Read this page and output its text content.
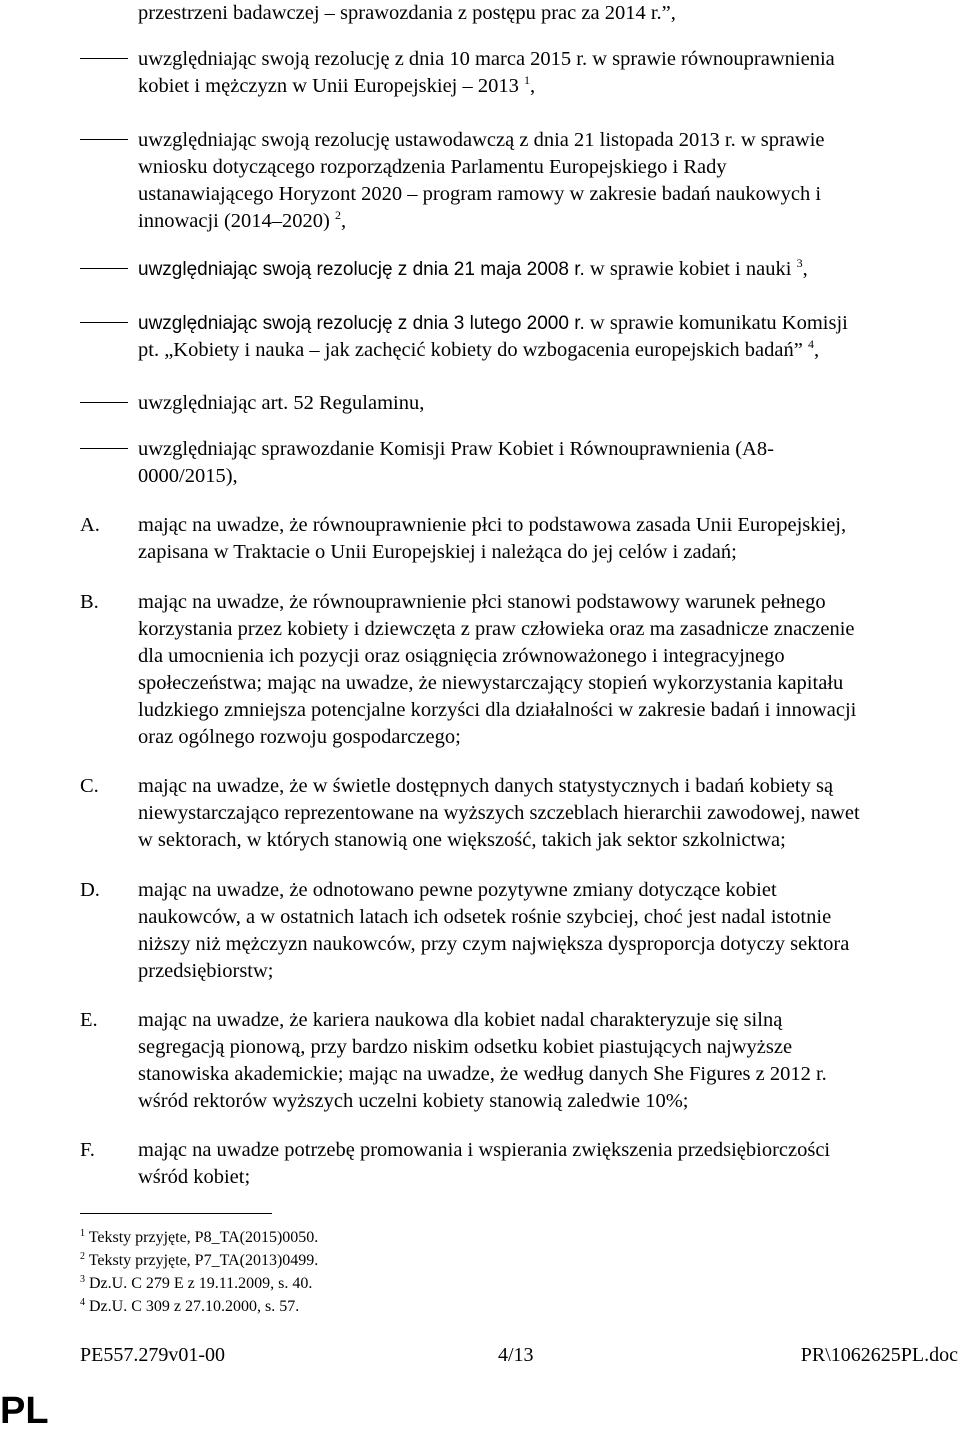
przestrzeni badawczej – sprawozdania z postępu prac za 2014 r.”,
uwzględniając swoją rezolucję z dnia 10 marca 2015 r. w sprawie równouprawnienia
kobiet i mężczyzn w Unii Europejskiej – 2013 $^1$,
uwzględniając swoją rezolucję ustawodawczą z dnia 21 listopada 2013 r. w sprawie
wniosku dotyczącego rozporządzenia Parlamentu Europejskiego i Rady
ustanawiającego Horyzont 2020 – program ramowy w zakresie badań naukowych i
innowacji (2014–2020) $^2$,
uwzględniając swoją rezolucję z dnia 21 maja 2008 r. w sprawie kobiet i nauki $^3$,
uwzględniając swoją rezolucję z dnia 3 lutego 2000 r. w sprawie komunikatu Komisji
pt. „Kobiety i nauka – jak zachęcić kobiety do wzbogacenia europejskich badań” $^4$,
uwzględniając art. 52 Regulaminu,
uwzględniając sprawozdanie Komisji Praw Kobiet i Równouprawnienia (A8-
0000/2015),
A. mając na uwadze, że równouprawnienie płci to podstawowa zasada Unii Europejskiej,
zapisana w Traktacie o Unii Europejskiej i należąca do jej celów i zadań;
B. mając na uwadze, że równouprawnienie płci stanowi podstawowy warunek pełnego
korzystania przez kobiety i dziewczęta z praw człowieka oraz ma zasadnicze znaczenie
dla umocnienia ich pozycji oraz osiągnięcia zrównoważonego i integracyjnego
społeczeństwa; mając na uwadze, że niewystarczający stopień wykorzystania kapitału
ludzkiego zmniejsza potencjalne korzyści dla działalności w zakresie badań i innowacji
oraz ogólnego rozwoju gospodarczego;
C. mając na uwadze, że w świetle dostępnych danych statystycznych i badań kobiety są
niewystarczająco reprezentowane na wyższych szczeblach hierarchii zawodowej, nawet
w sektorach, w których stanowią one większość, takich jak sektor szkolnictwa;
D. mając na uwadze, że odnotowano pewne pozytywne zmiany dotyczące kobiet
naukowców, a w ostatnich latach ich odsetek rośnie szybciej, choć jest nadal istotnie
niższy niż mężczyzn naukowców, przy czym największa dysproporcja dotyczy sektora
przedsiębiorstw;
E. mając na uwadze, że kariera naukowa dla kobiet nadal charakteryzuje się silną
segregacją pionową, przy bardzo niskim odsetku kobiet piastujących najwyższe
stanowiska akademickie; mając na uwadze, że według danych She Figures z 2012 r.
wśród rektorów wyższych uczelni kobiety stanowią zaledwie 10%;
F. mając na uwadze potrzebę promowania i wspierania zwiększenia przedsiębiorczości
wśród kobiet;
$^1$ Teksty przyjęte, P8_TA(2015)0050.
$^2$ Teksty przyjęte, P7_TA(2013)0499.
$^3$ Dz.U. C 279 E z 19.11.2009, s. 40.
$^4$ Dz.U. C 309 z 27.10.2000, s. 57.
PE557.279v01-00	4/13	PR\1062625PL.doc
PL
